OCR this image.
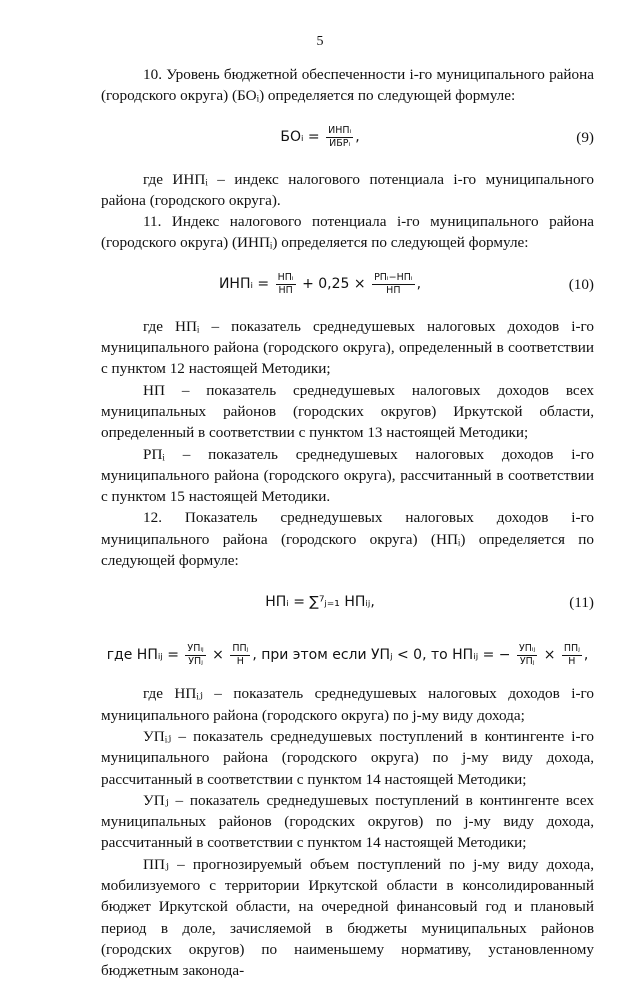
5

10. Уровень бюджетной обеспеченности i-го муниципального района (городского округа) (БОᵢ) определяется по следующей формуле:

БОᵢ = $\frac{\text{ИНПᵢ}}{\text{ИБРᵢ}}$ ,	(9)

где ИНПᵢ – индекс налогового потенциала i-го муниципального района (городского округа).

11. Индекс налогового потенциала i-го муниципального района (городского округа) (ИНПᵢ) определяется по следующей формуле:

ИНПᵢ = $\frac{\text{НПᵢ}}{НП} + 0,25 \times \frac{\text{РПᵢ−НПᵢ}}{НП}$ ,	(10)

где НПᵢ – показатель среднедушевых налоговых доходов i-го муниципального района (городского округа), определенный в соответствии с пунктом 12 настоящей Методики;

НП – показатель среднедушевых налоговых доходов всех муниципальных районов (городских округов) Иркутской области, определенный в соответствии с пунктом 13 настоящей Методики;

РПᵢ – показатель среднедушевых налоговых доходов i-го муниципального района (городского округа), рассчитанный в соответствии с пунктом 15 настоящей Методики.

12. Показатель среднедушевых налоговых доходов i-го муниципального района (городского округа) (НПᵢ) определяется по следующей формуле:

НПᵢ = ∑⁷ⱼ₌₁ НПᵢⱼ,	(11)
где НПᵢⱼ = $\frac{\text{УПᵢⱼ}}{\text{УПⱼ}} \times \frac{\text{ППⱼ}}{Н}$ , при этом если УПⱼ < 0, то НПᵢⱼ = − $\frac{\text{УПᵢⱼ}}{\text{УПⱼ}} \times \frac{\text{ППⱼ}}{Н}$ ,

где НПᵢⱼ – показатель среднедушевых налоговых доходов i-го муниципального района (городского округа) по j-му виду дохода;

УПᵢⱼ – показатель среднедушевых поступлений в контингенте i-го муниципального района (городского округа) по j-му виду дохода, рассчитанный в соответствии с пунктом 14 настоящей Методики;

УПⱼ – показатель среднедушевых поступлений в контингенте всех муниципальных районов (городских округов) по j-му виду дохода, рассчитанный в соответствии с пунктом 14 настоящей Методики;

ППⱼ – прогнозируемый объем поступлений по j-му виду дохода, мобилизуемого с территории Иркутской области в консолидированный бюджет Иркутской области, на очередной финансовый год и плановый период в доле, зачисляемой в бюджеты муниципальных районов (городских округов) по наименьшему нормативу, установленному бюджетным законода-
